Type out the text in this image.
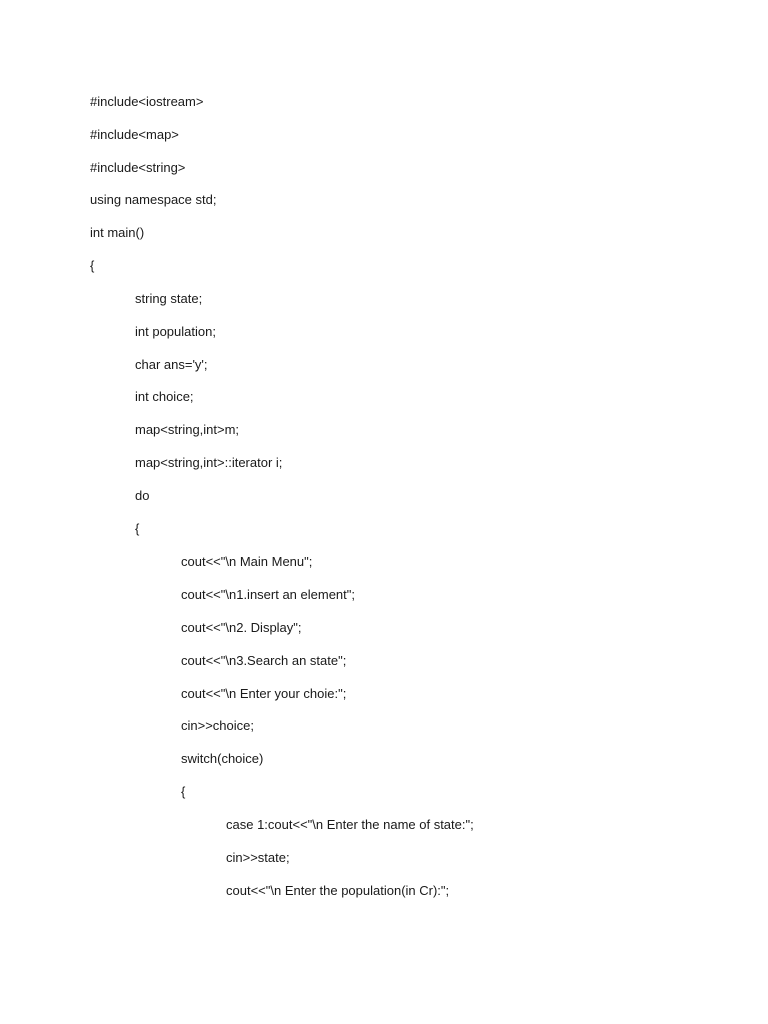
#include<iostream>

#include<map>

#include<string>

using namespace std;

int main()

{

string state;

int population;

char ans='y';

int choice;

map<string,int>m;

map<string,int>::iterator i;

do

{

cout<<"\n Main Menu";

cout<<"\n1.insert an element";

cout<<"\n2. Display";

cout<<"\n3.Search an state";

cout<<"\n Enter your choie:";

cin>>choice;

switch(choice)

{

case 1:cout<<"\n Enter the name of state:";

cin>>state;

cout<<"\n Enter the population(in Cr):";
